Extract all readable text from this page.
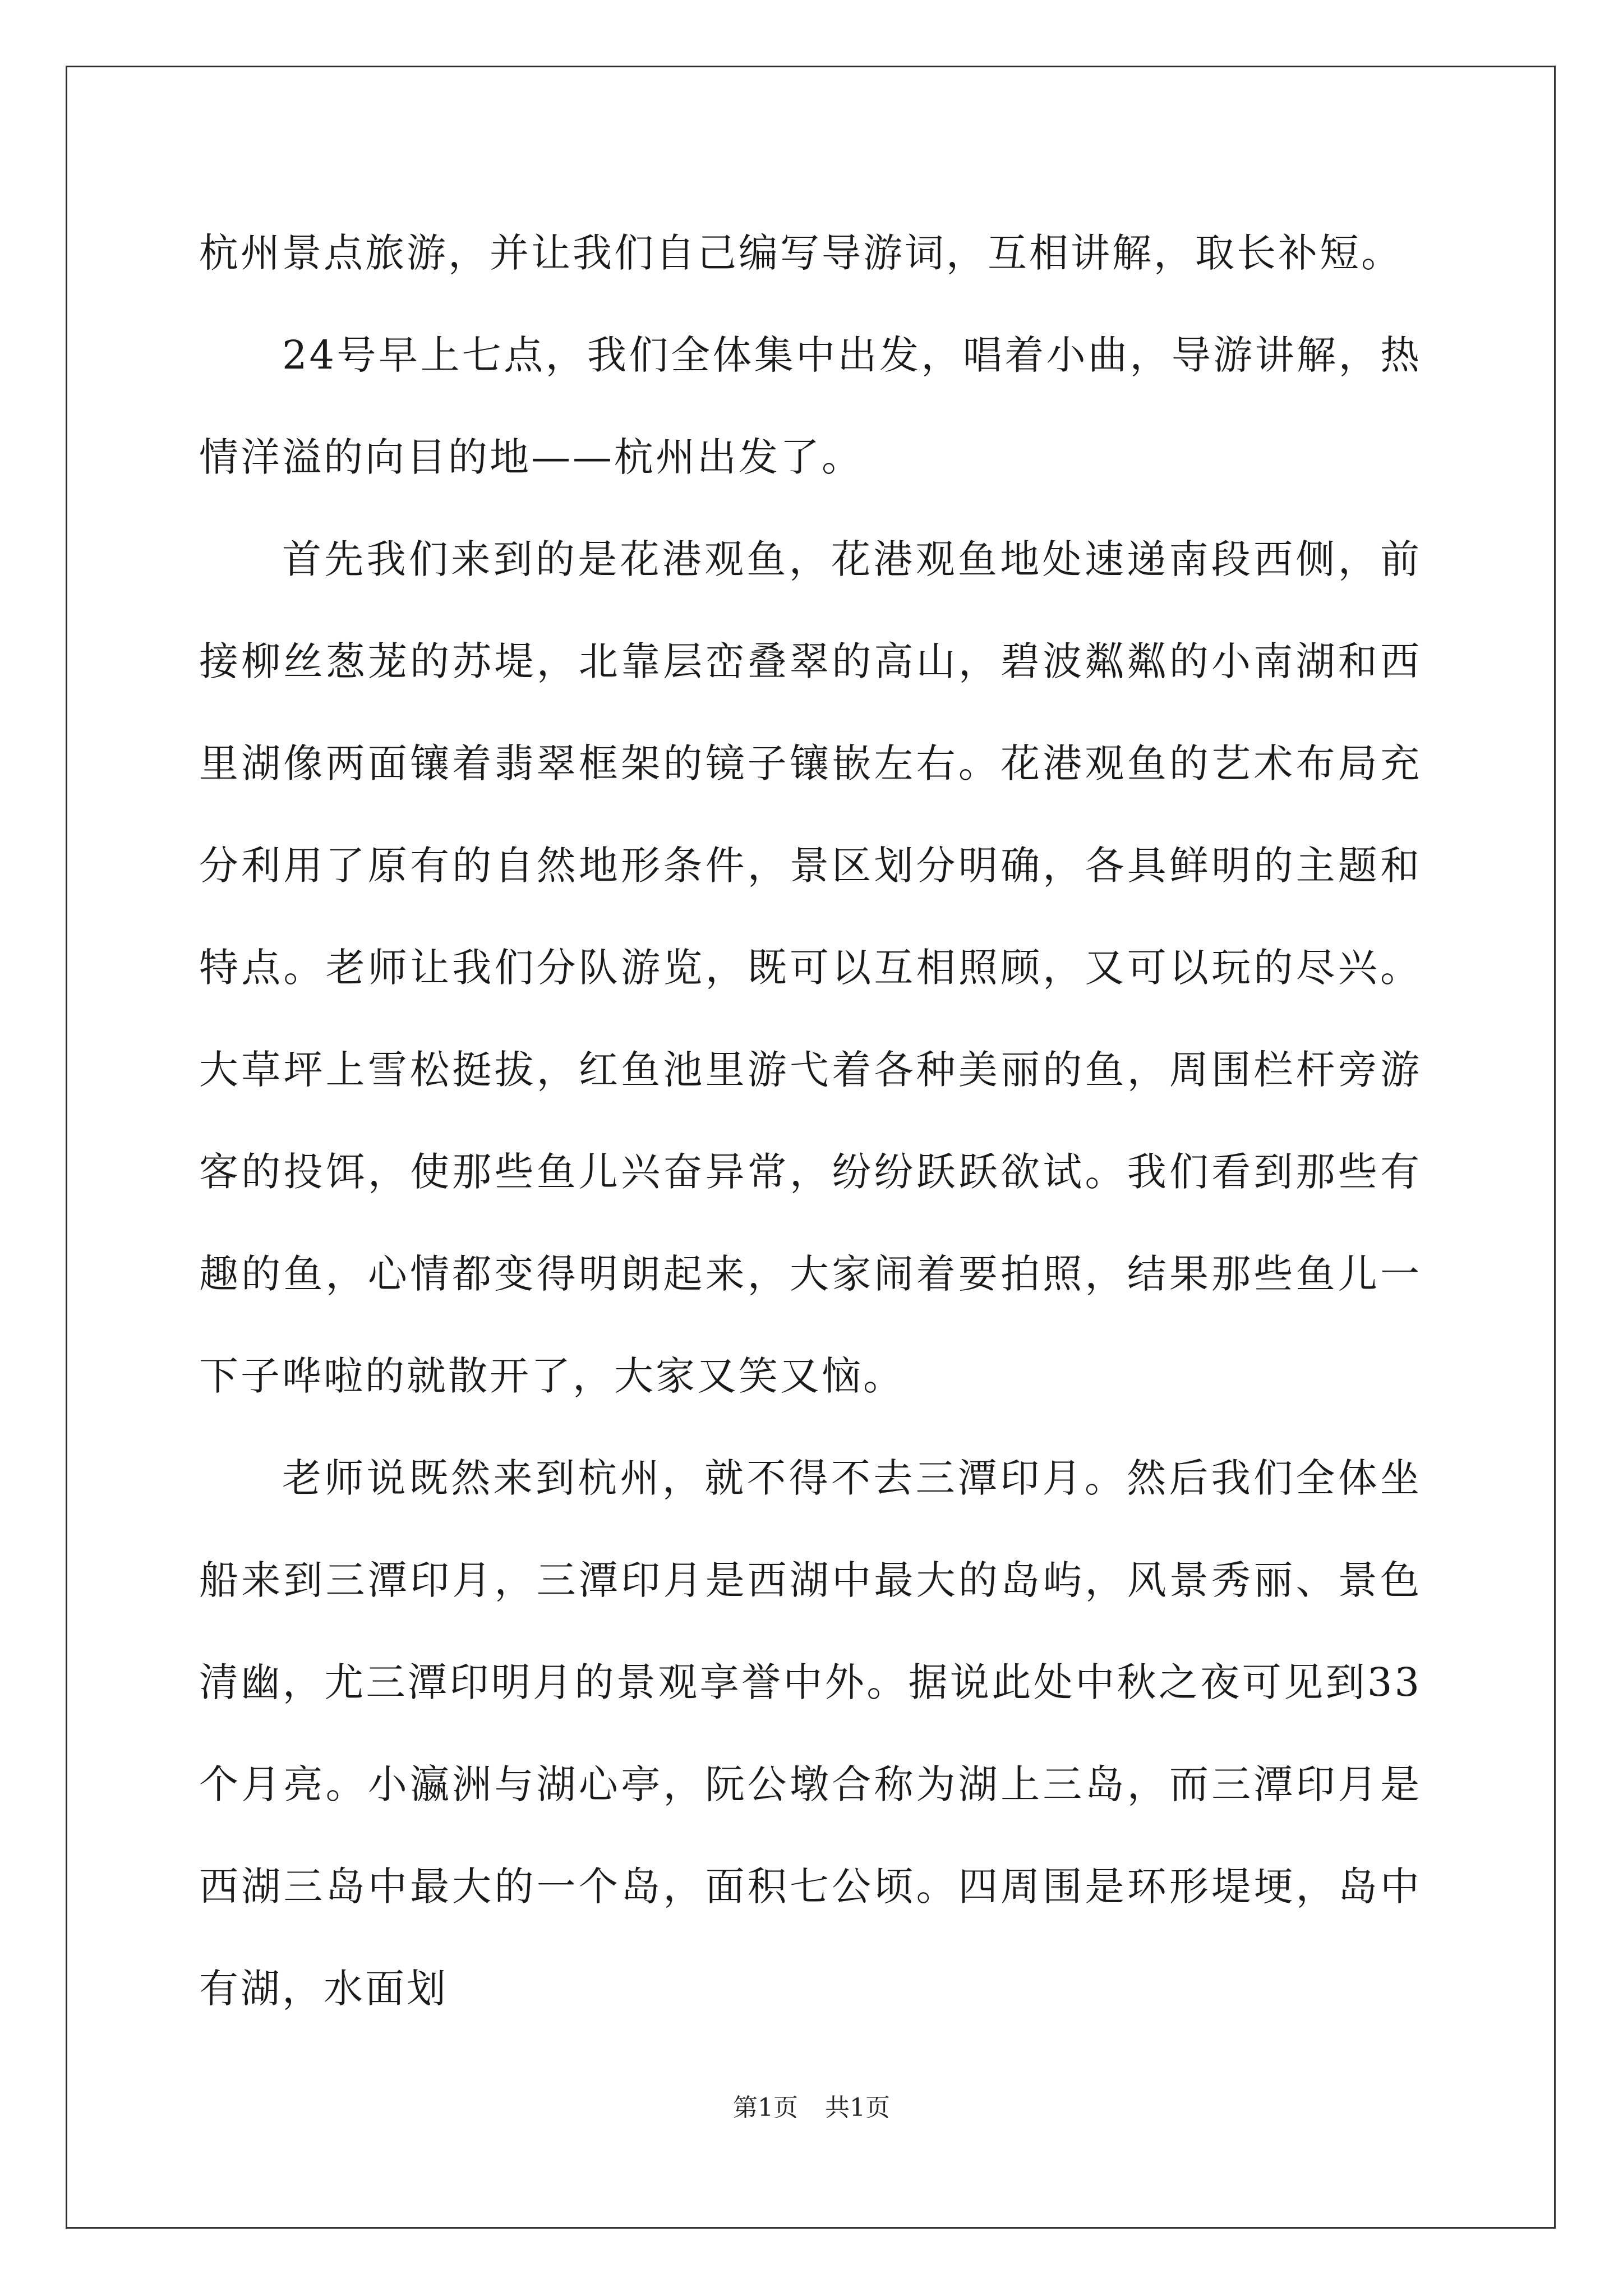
杭州景点旅游，并让我们自己编写导游词，互相讲解，取长补短。

24号早上七点，我们全体集中出发，唱着小曲，导游讲解，热情洋溢的向目的地——杭州出发了。

首先我们来到的是花港观鱼，花港观鱼地处速递南段西侧，前接柳丝葱茏的苏堤，北靠层峦叠翠的高山，碧波粼粼的小南湖和西里湖像两面镶着翡翠框架的镜子镶嵌左右。花港观鱼的艺术布局充分利用了原有的自然地形条件，景区划分明确，各具鲜明的主题和特点。老师让我们分队游览，既可以互相照顾，又可以玩的尽兴。大草坪上雪松挺拔，红鱼池里游弋着各种美丽的鱼，周围栏杆旁游客的投饵，使那些鱼儿兴奋异常，纷纷跃跃欲试。我们看到那些有趣的鱼，心情都变得明朗起来，大家闹着要拍照，结果那些鱼儿一下子哗啦的就散开了，大家又笑又恼。

老师说既然来到杭州，就不得不去三潭印月。然后我们全体坐船来到三潭印月，三潭印月是西湖中最大的岛屿，风景秀丽、景色清幽，尤三潭印明月的景观享誉中外。据说此处中秋之夜可见到33个月亮。小瀛洲与湖心亭，阮公墩合称为湖上三岛，而三潭印月是西湖三岛中最大的一个岛，面积七公顷。四周围是环形堤埂，岛中有湖，水面划

第1页 共1页
